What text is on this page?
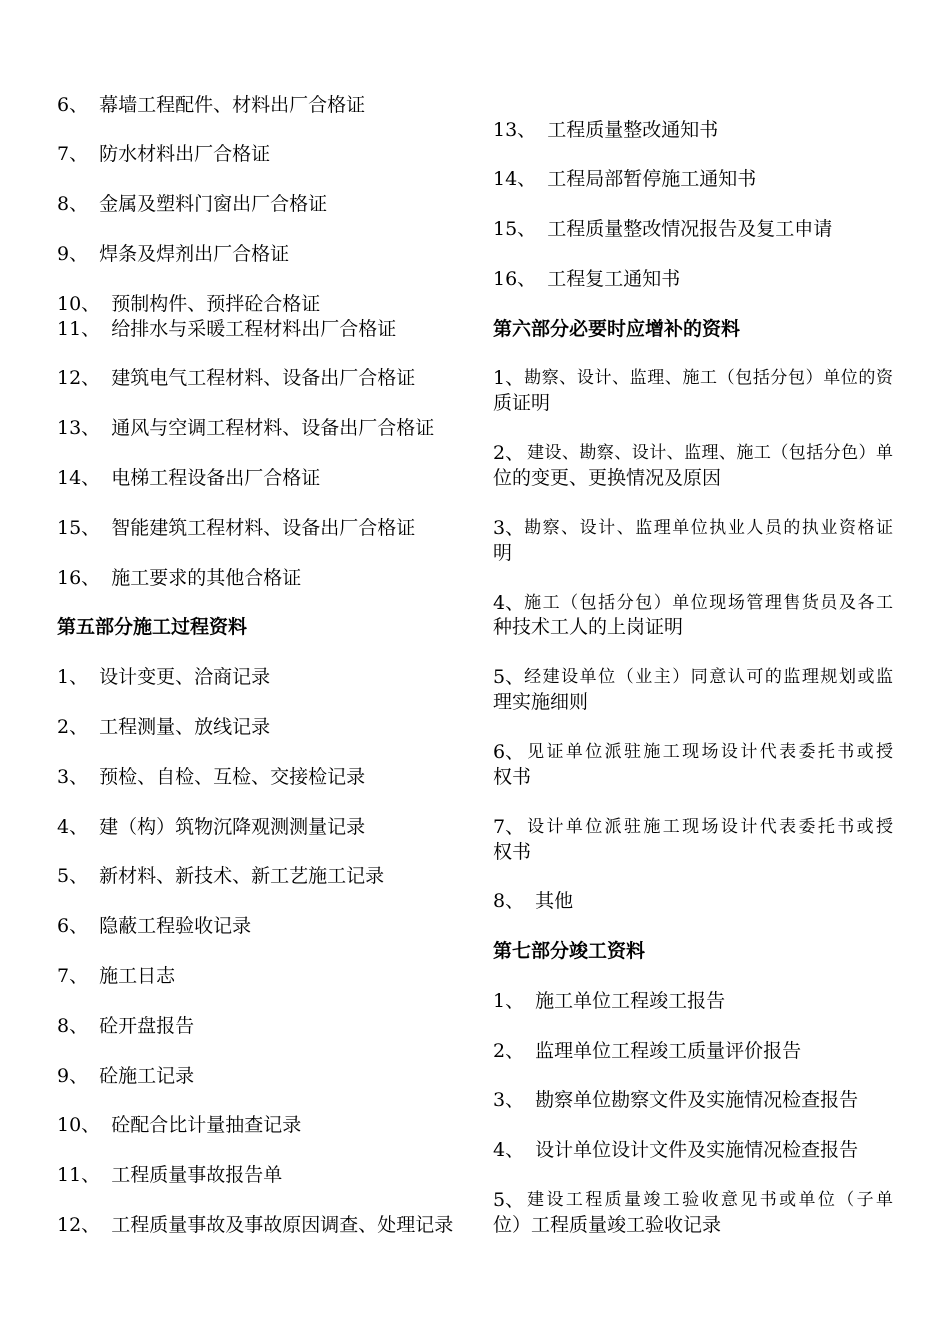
6、 幕墙工程配件、材料出厂合格证
7、 防水材料出厂合格证
8、 金属及塑料门窗出厂合格证
9、 焊条及焊剂出厂合格证
10、 预制构件、预拌砼合格证
11、 给排水与采暖工程材料出厂合格证
12、 建筑电气工程材料、设备出厂合格证
13、 通风与空调工程材料、设备出厂合格证
14、 电梯工程设备出厂合格证
15、 智能建筑工程材料、设备出厂合格证
16、 施工要求的其他合格证
第五部分施工过程资料
1、 设计变更、洽商记录
2、 工程测量、放线记录
3、 预检、自检、互检、交接检记录
4、 建（构）筑物沉降观测测量记录
5、 新材料、新技术、新工艺施工记录
6、 隐蔽工程验收记录
7、 施工日志
8、 砼开盘报告
9、 砼施工记录
10、 砼配合比计量抽查记录
11、 工程质量事故报告单
12、 工程质量事故及事故原因调查、处理记录
13、 工程质量整改通知书
14、 工程局部暂停施工通知书
15、 工程质量整改情况报告及复工申请
16、 工程复工通知书
第六部分必要时应增补的资料
1、 勘察、设计、监理、施工（包括分包）单位的资
质证明
2、 建设、勘察、设计、监理、施工（包括分色）单
位的变更、更换情况及原因
3、 勘察、设计、监理单位执业人员的执业资格证
明
4、 施工（包括分包）单位现场管理售货员及各工
种技术工人的上岗证明
5、 经建设单位（业主）同意认可的监理规划或监
理实施细则
6、 见证单位派驻施工现场设计代表委托书或授
权书
7、 设计单位派驻施工现场设计代表委托书或授
权书
8、 其他
第七部分竣工资料
1、 施工单位工程竣工报告
2、 监理单位工程竣工质量评价报告
3、 勘察单位勘察文件及实施情况检查报告
4、 设计单位设计文件及实施情况检查报告
5、 建设工程质量竣工验收意见书或单位（子单
位）工程质量竣工验收记录
